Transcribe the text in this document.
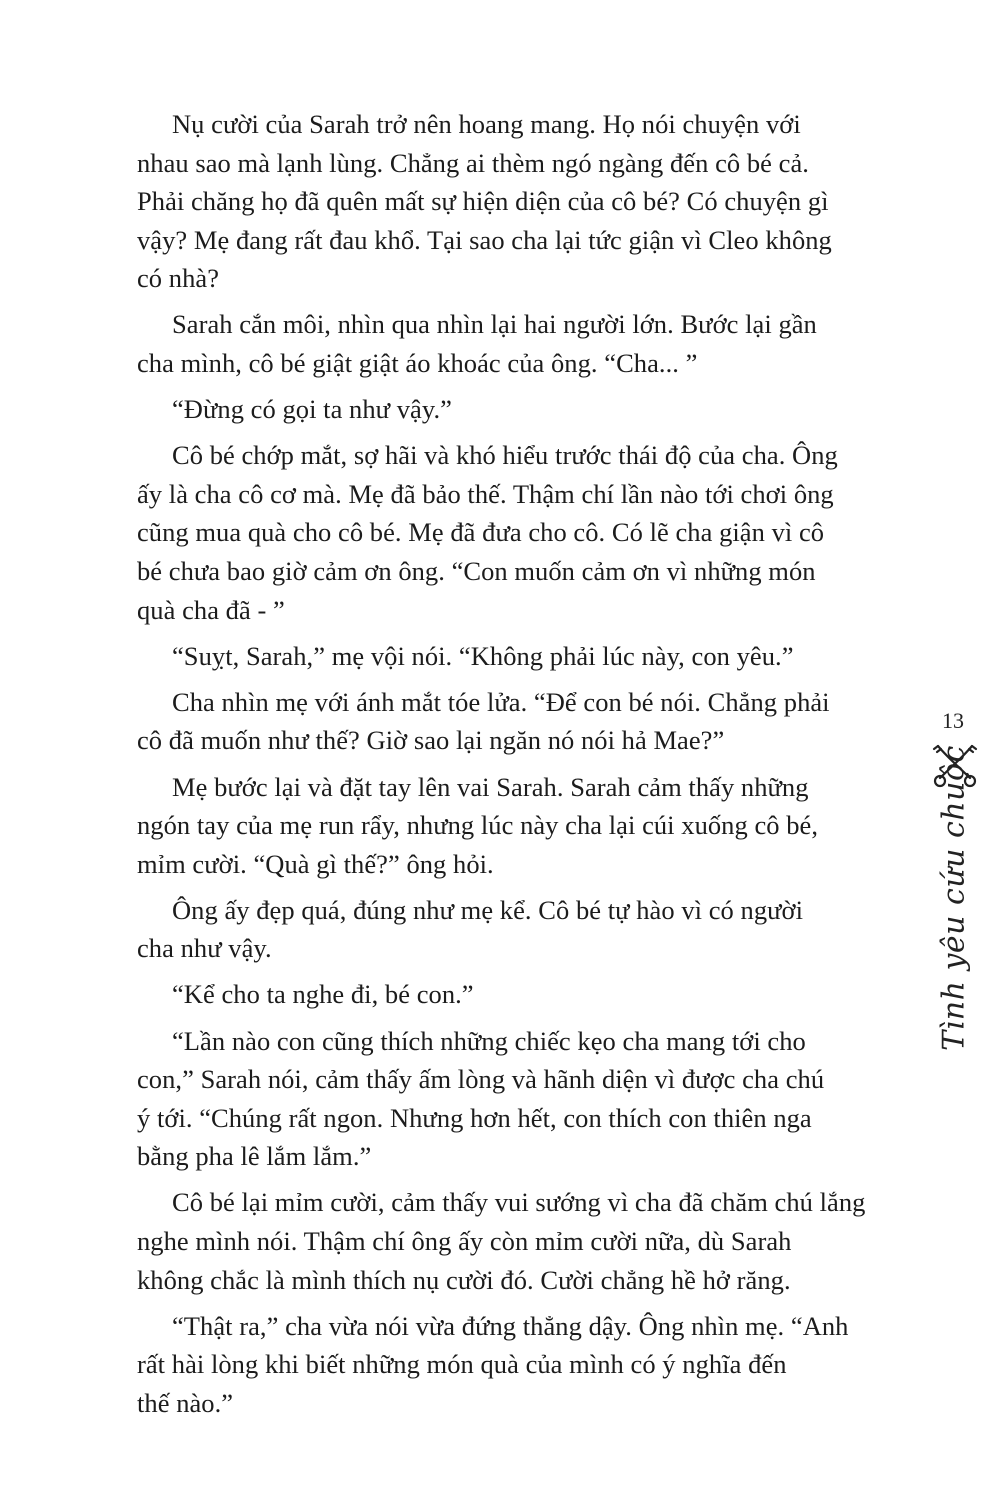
Nụ cười của Sarah trở nên hoang mang. Họ nói chuyện với
nhau sao mà lạnh lùng. Chẳng ai thèm ngó ngàng đến cô bé cả.
Phải chăng họ đã quên mất sự hiện diện của cô bé? Có chuyện gì
vậy? Mẹ đang rất đau khổ. Tại sao cha lại tức giận vì Cleo không
có nhà?

Sarah cắn môi, nhìn qua nhìn lại hai người lớn. Bước lại gần
cha mình, cô bé giật giật áo khoác của ông. “Cha... ”

“Đừng có gọi ta như vậy.”

Cô bé chớp mắt, sợ hãi và khó hiểu trước thái độ của cha. Ông
ấy là cha cô cơ mà. Mẹ đã bảo thế. Thậm chí lần nào tới chơi ông
cũng mua quà cho cô bé. Mẹ đã đưa cho cô. Có lẽ cha giận vì cô
bé chưa bao giờ cảm ơn ông. “Con muốn cảm ơn vì những món
quà cha đã - ”

“Suỵt, Sarah,” mẹ vội nói. “Không phải lúc này, con yêu.”

Cha nhìn mẹ với ánh mắt tóe lửa. “Để con bé nói. Chẳng phải
cô đã muốn như thế? Giờ sao lại ngăn nó nói hả Mae?”

Mẹ bước lại và đặt tay lên vai Sarah. Sarah cảm thấy những
ngón tay của mẹ run rẩy, nhưng lúc này cha lại cúi xuống cô bé,
mỉm cười. “Quà gì thế?” ông hỏi.

Ông ấy đẹp quá, đúng như mẹ kể. Cô bé tự hào vì có người
cha như vậy.

“Kể cho ta nghe đi, bé con.”

“Lần nào con cũng thích những chiếc kẹo cha mang tới cho
con,” Sarah nói, cảm thấy ấm lòng và hãnh diện vì được cha chú
ý tới. “Chúng rất ngon. Nhưng hơn hết, con thích con thiên nga
bằng pha lê lắm lắm.”

Cô bé lại mỉm cười, cảm thấy vui sướng vì cha đã chăm chú lắng
nghe mình nói. Thậm chí ông ấy còn mỉm cười nữa, dù Sarah
không chắc là mình thích nụ cười đó. Cười chẳng hề hở răng.

“Thật ra,” cha vừa nói vừa đứng thẳng dậy. Ông nhìn mẹ. “Anh
rất hài lòng khi biết những món quà của mình có ý nghĩa đến
thế nào.”

13
Tình yêu cứu chuộc
